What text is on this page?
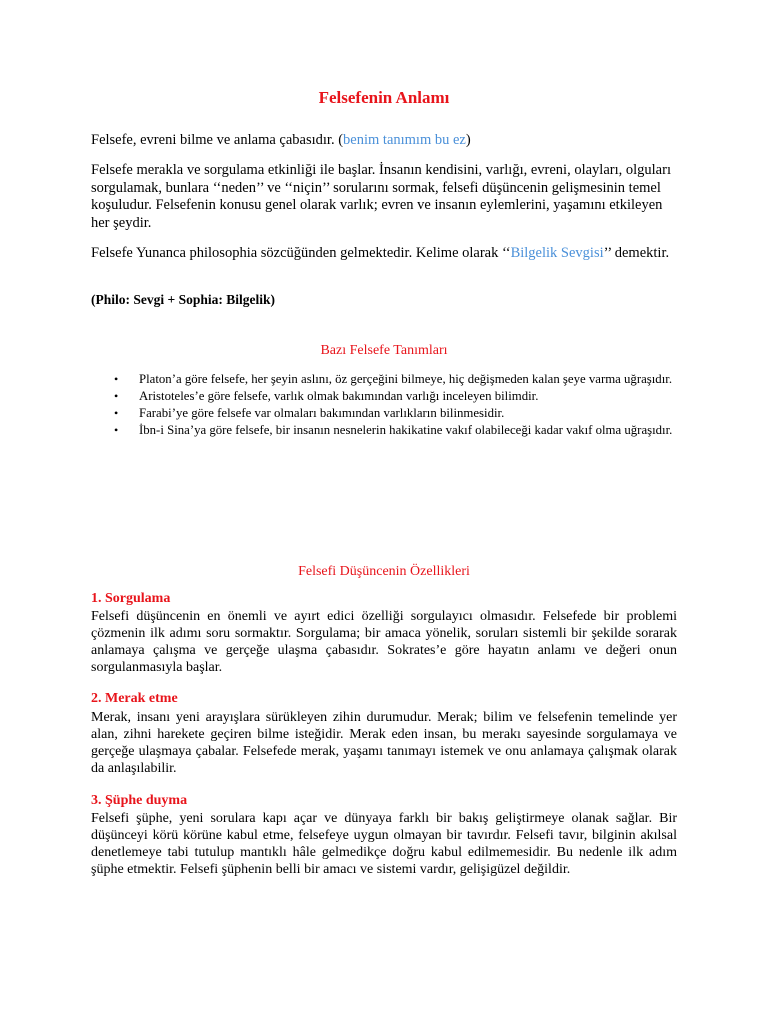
Felsefenin Anlamı
Felsefe, evreni bilme ve anlama çabasıdır. (benim tanımım bu ez)
Felsefe merakla ve sorgulama etkinliği ile başlar. İnsanın kendisini, varlığı, evreni, olayları, olguları sorgulamak, bunlara ‘‘neden’’ ve ‘‘niçin’’ sorularını sormak, felsefi düşüncenin gelişmesinin temel koşuludur. Felsefenin konusu genel olarak varlık; evren ve insanın eylemlerini, yaşamını etkileyen her şeydir.
Felsefe Yunanca philosophia sözcüğünden gelmektedir. Kelime olarak ‘‘Bilgelik Sevgisi’’ demektir.
(Philo: Sevgi + Sophia: Bilgelik)
Bazı Felsefe Tanımları
• Platon’a göre felsefe, her şeyin aslını, öz gerçeğini bilmeye, hiç değişmeden kalan şeye varma uğraşıdır.
• Aristoteles’e göre felsefe, varlık olmak bakımından varlığı inceleyen bilimdir.
• Farabi’ye göre felsefe var olmaları bakımından varlıkların bilinmesidir.
• İbn-i Sina’ya göre felsefe, bir insanın nesnelerin hakikatine vakıf olabileceği kadar vakıf olma uğraşıdır.
Felsefi Düşüncenin Özellikleri
1. Sorgulama
Felsefi düşüncenin en önemli ve ayırt edici özelliği sorgulayıcı olmasıdır. Felsefede bir problemi çözmenin ilk adımı soru sormaktır. Sorgulama; bir amaca yönelik, soruları sistemli bir şekilde sorarak anlamaya çalışma ve gerçeğe ulaşma çabasıdır. Sokrates’e göre hayatın anlamı ve değeri onun sorgulanmasıyla başlar.
2. Merak etme
Merak, insanı yeni arayışlara sürükleyen zihin durumudur. Merak; bilim ve felsefenin temelinde yer alan, zihni harekete geçiren bilme isteğidir. Merak eden insan, bu merakı sayesinde sorgulamaya ve gerçeğe ulaşmaya çabalar. Felsefede merak, yaşamı tanımayı istemek ve onu anlamaya çalışmak olarak da anlaşılabilir.
3. Şüphe duyma
Felsefi şüphe, yeni sorulara kapı açar ve dünyaya farklı bir bakış geliştirmeye olanak sağlar. Bir düşünceyi körü körüne kabul etme, felsefeye uygun olmayan bir tavırdır. Felsefi tavır, bilginin akılsal denetlemeye tabi tutulup mantıklı hâle gelmedikçe doğru kabul edilmemesidir. Bu nedenle ilk adım şüphe etmektir. Felsefi şüphenin belli bir amacı ve sistemi vardır, gelişigüzel değildir.
